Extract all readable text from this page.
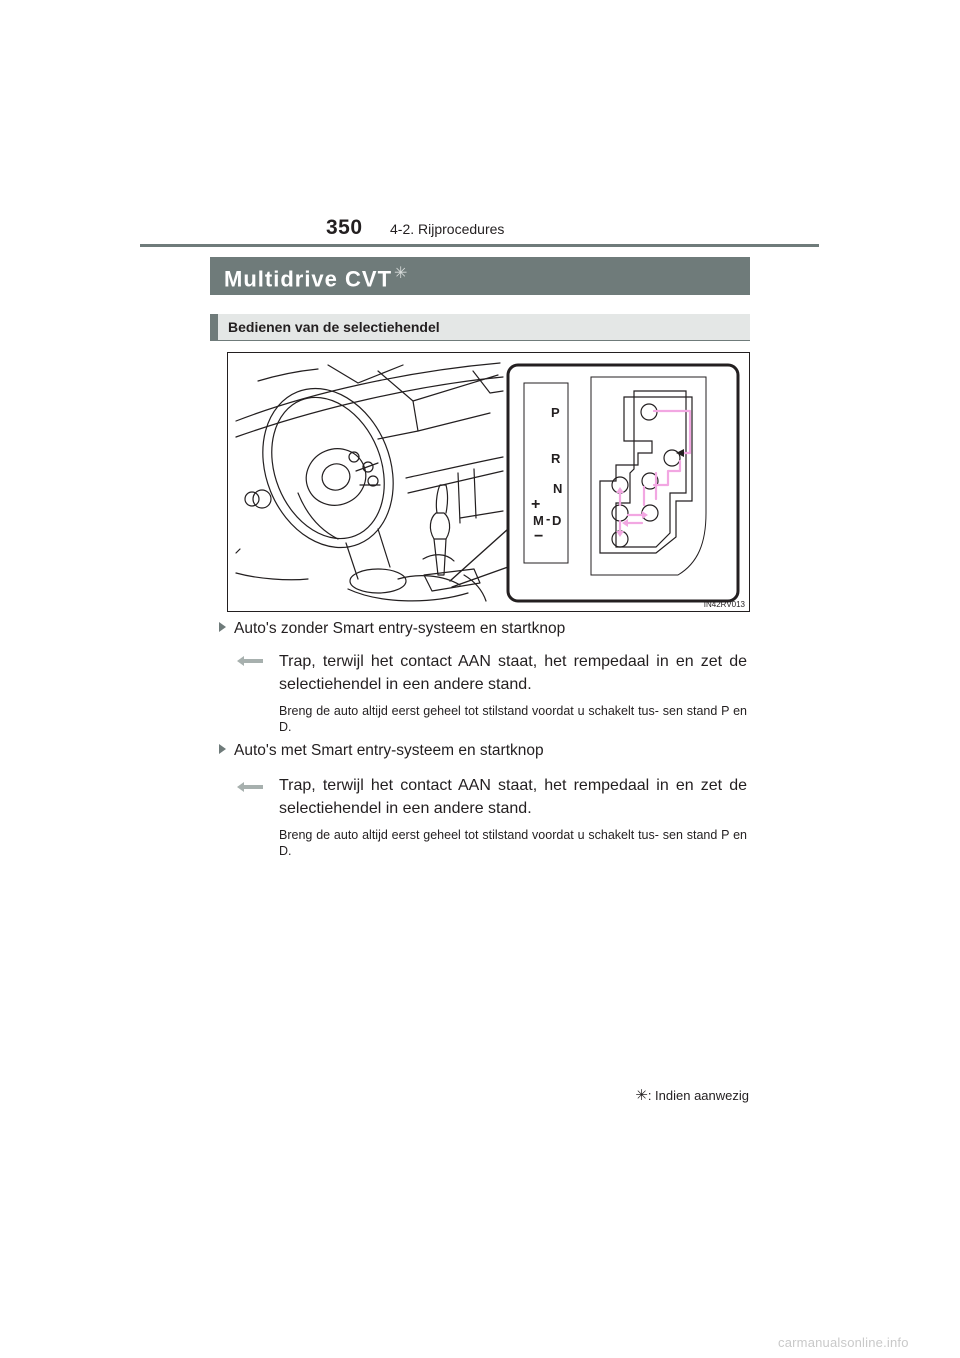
350 4-2. Rijprocedures
Multidrive CVT ✳
Bedienen van de selectiehendel
P
R
N
+
M - D
−
IN42RV013
Auto's zonder Smart entry-systeem en startknop
Trap, terwijl het contact AAN staat, het rempedaal in en zet de selectiehendel in een andere stand.
Breng de auto altijd eerst geheel tot stilstand voordat u schakelt tus- sen stand P en D.
Auto's met Smart entry-systeem en startknop
Trap, terwijl het contact AAN staat, het rempedaal in en zet de selectiehendel in een andere stand.
Breng de auto altijd eerst geheel tot stilstand voordat u schakelt tus- sen stand P en D.
✳: Indien aanwezig
carmanualsonline.info
